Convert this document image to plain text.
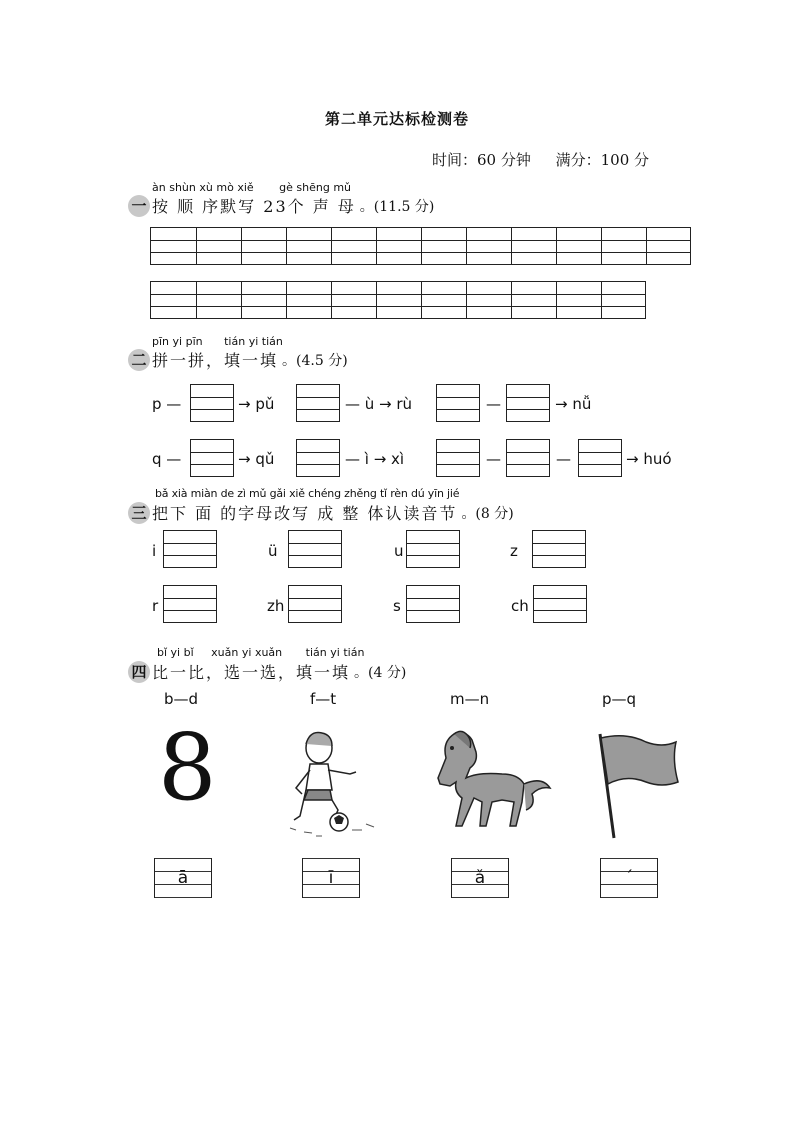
第二单元达标检测卷
时间：60 分钟 满分：100 分
àn shùn xù mò xiě gè shēng mǔ
一 按 顺 序默写 23个 声 母 。(11.5 分)
pīn yi pīn tián yi tián
二 拼一拼，填一填 。(4.5 分)
p —	→ pǔ	— ù → rù	—	→ nǚ
q —	→ qǔ	— ì → xì	—	—	→ huó
bǎ xià miàn de zì mǔ gǎi xiě chéng zhěng tǐ rèn dú yīn jié
三 把下 面 的字母改写 成 整 体认读音节 。(8 分)
i	ü	u	z
r	zh	s	ch
bǐ yi bǐ xuǎn yi xuǎn tián yi tián
四 比一比，选一选，填一填 。(4 分)
b—d	f—t	m—n	p—q
8
ā	ī	ǎ	ˊ
